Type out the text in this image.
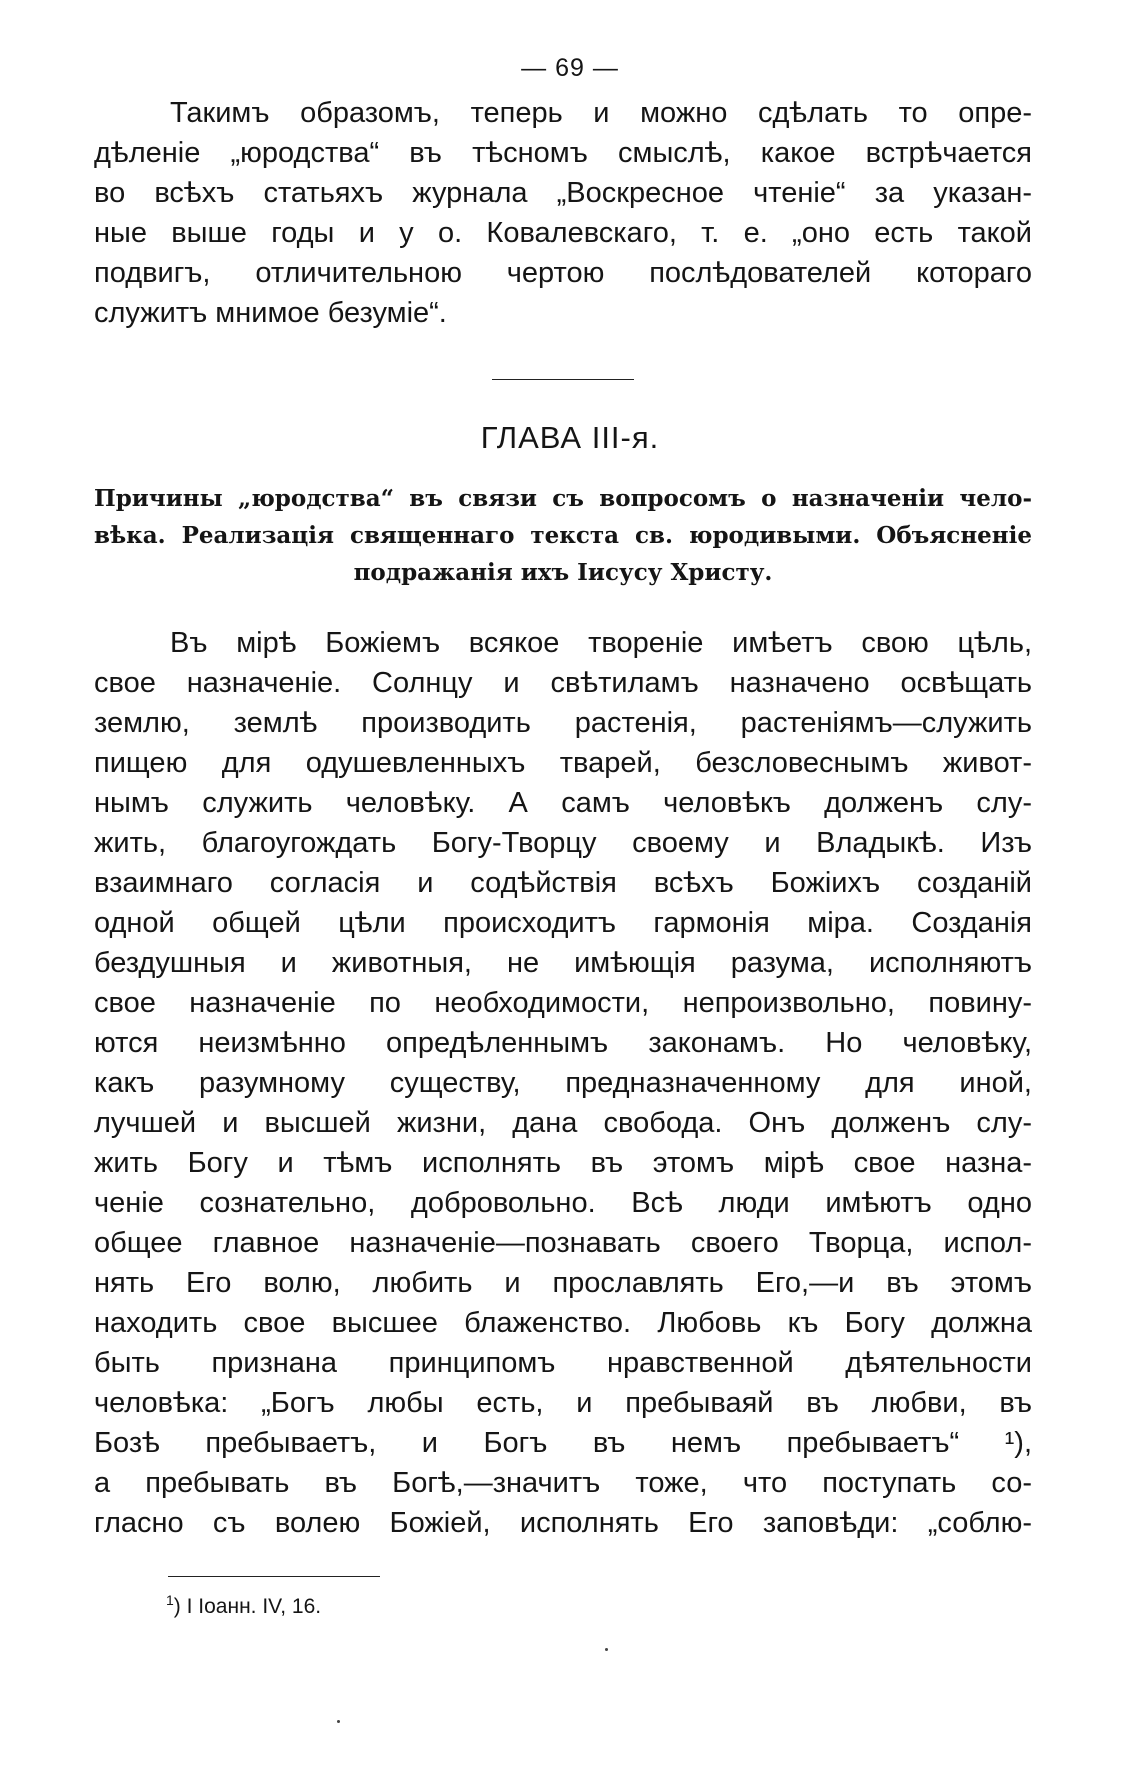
— 69 —
Такимъ образомъ, теперь и можно сдѣлать то опре-
дѣленіе „юродства“ въ тѣсномъ смыслѣ, какое встрѣчается
во всѣхъ статьяхъ журнала „Воскресное чтеніе“ за указан-
ные выше годы и у о. Ковалевскаго, т. е. „оно есть такой
подвигъ, отличительною чертою послѣдователей котораго
служитъ мнимое безуміе“.
ГЛАВА III-я.
Причины „юродства“ въ связи съ вопросомъ о назначеніи чело-
вѣка. Реализація священнаго текста св. юродивыми. Объясненіе
подражанія ихъ Іисусу Христу.
Въ мірѣ Божіемъ всякое твореніе имѣетъ свою цѣль,
свое назначеніе. Солнцу и свѣтиламъ назначено освѣщать
землю, землѣ производить растенія, растеніямъ—служить
пищею для одушевленныхъ тварей, безсловеснымъ живот-
нымъ служить человѣку. А самъ человѣкъ долженъ слу-
жить, благоугождать Богу-Творцу своему и Владыкѣ. Изъ
взаимнаго согласія и содѣйствія всѣхъ Божіихъ созданій
одной общей цѣли происходитъ гармонія міра. Созданія
бездушныя и животныя, не имѣющія разума, исполняютъ
свое назначеніе по необходимости, непроизвольно, повину-
ются неизмѣнно опредѣленнымъ законамъ. Но человѣку,
какъ разумному существу, предназначенному для иной,
лучшей и высшей жизни, дана свобода. Онъ долженъ слу-
жить Богу и тѣмъ исполнять въ этомъ мірѣ свое назна-
ченіе сознательно, добровольно. Всѣ люди имѣютъ одно
общее главное назначеніе—познавать своего Творца, испол-
нять Его волю, любить и прославлять Его,—и въ этомъ
находить свое высшее блаженство. Любовь къ Богу должна
быть признана принципомъ нравственной дѣятельности
человѣка: „Богъ любы есть, и пребываяй въ любви, въ
Бозѣ пребываетъ, и Богъ въ немъ пребываетъ“ ¹),
а пребывать въ Богѣ,—значитъ тоже, что поступать со-
гласно съ волею Божіей, исполнять Его заповѣди: „соблю-
$^1$) І Іоанн. IV, 16.
